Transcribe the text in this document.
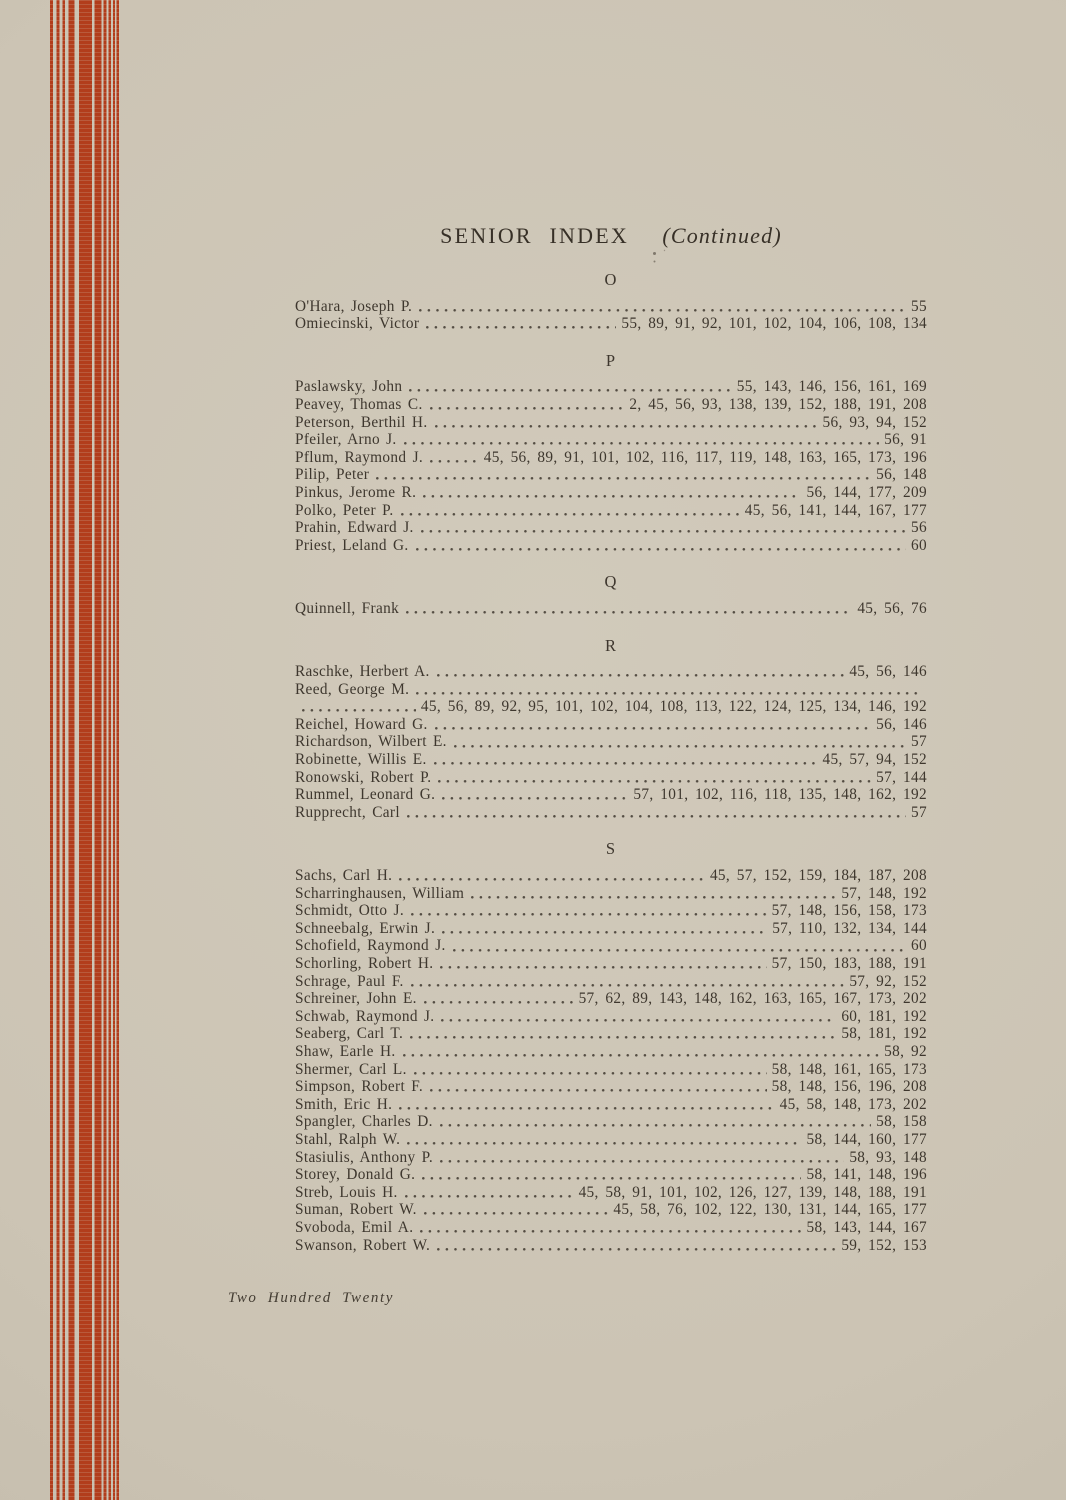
SENIOR INDEX (Continued)
O
O'Hara, Joseph P.	55
Omiecinski, Victor	55, 89, 91, 92, 101, 102, 104, 106, 108, 134
P
Paslawsky, John	55, 143, 146, 156, 161, 169
Peavey, Thomas C.	2, 45, 56, 93, 138, 139, 152, 188, 191, 208
Peterson, Berthil H.	56, 93, 94, 152
Pfeiler, Arno J.	56, 91
Pflum, Raymond J.	45, 56, 89, 91, 101, 102, 116, 117, 119, 148, 163, 165, 173, 196
Pilip, Peter	56, 148
Pinkus, Jerome R.	56, 144, 177, 209
Polko, Peter P.	45, 56, 141, 144, 167, 177
Prahin, Edward J.	56
Priest, Leland G.	60
Q
Quinnell, Frank	45, 56, 76
R
Raschke, Herbert A.	45, 56, 146
Reed, George M.
45, 56, 89, 92, 95, 101, 102, 104, 108, 113, 122, 124, 125, 134, 146, 192
Reichel, Howard G.	56, 146
Richardson, Wilbert E.	57
Robinette, Willis E.	45, 57, 94, 152
Ronowski, Robert P.	57, 144
Rummel, Leonard G.	57, 101, 102, 116, 118, 135, 148, 162, 192
Rupprecht, Carl	57
S
Sachs, Carl H.	45, 57, 152, 159, 184, 187, 208
Scharringhausen, William	57, 148, 192
Schmidt, Otto J.	57, 148, 156, 158, 173
Schneebalg, Erwin J.	57, 110, 132, 134, 144
Schofield, Raymond J.	60
Schorling, Robert H.	57, 150, 183, 188, 191
Schrage, Paul F.	57, 92, 152
Schreiner, John E.	57, 62, 89, 143, 148, 162, 163, 165, 167, 173, 202
Schwab, Raymond J.	60, 181, 192
Seaberg, Carl T.	58, 181, 192
Shaw, Earle H.	58, 92
Shermer, Carl L.	58, 148, 161, 165, 173
Simpson, Robert F.	58, 148, 156, 196, 208
Smith, Eric H.	45, 58, 148, 173, 202
Spangler, Charles D.	58, 158
Stahl, Ralph W.	58, 144, 160, 177
Stasiulis, Anthony P.	58, 93, 148
Storey, Donald G.	58, 141, 148, 196
Streb, Louis H.	45, 58, 91, 101, 102, 126, 127, 139, 148, 188, 191
Suman, Robert W.	45, 58, 76, 102, 122, 130, 131, 144, 165, 177
Svoboda, Emil A.	58, 143, 144, 167
Swanson, Robert W.	59, 152, 153
Two Hundred Twenty
